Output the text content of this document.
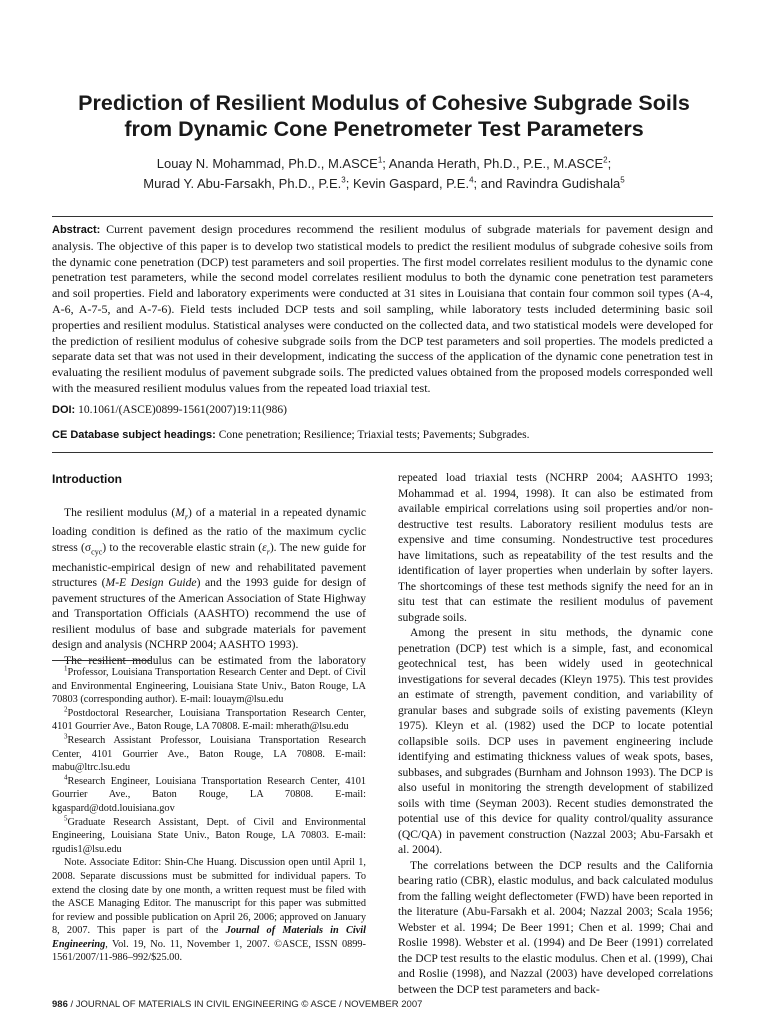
Prediction of Resilient Modulus of Cohesive Subgrade Soils
from Dynamic Cone Penetrometer Test Parameters
Louay N. Mohammad, Ph.D., M.ASCE$^1$; Ananda Herath, Ph.D., P.E., M.ASCE$^2$;
Murad Y. Abu-Farsakh, Ph.D., P.E.$^3$; Kevin Gaspard, P.E.$^4$; and Ravindra Gudishala$^5$
Abstract: Current pavement design procedures recommend the resilient modulus of subgrade materials for pavement design and analysis. The objective of this paper is to develop two statistical models to predict the resilient modulus of subgrade cohesive soils from the dynamic cone penetration (DCP) test parameters and soil properties. The first model correlates resilient modulus to the dynamic cone penetration test parameters, while the second model correlates resilient modulus to both the dynamic cone penetration test parameters and soil properties. Field and laboratory experiments were conducted at 31 sites in Louisiana that contain four common soil types (A-4, A-6, A-7-5, and A-7-6). Field tests included DCP tests and soil sampling, while laboratory tests included determining basic soil properties and resilient modulus. Statistical analyses were conducted on the collected data, and two statistical models were developed for the prediction of resilient modulus of cohesive subgrade soils from the DCP test parameters and soil properties. The models predicted a separate data set that was not used in their development, indicating the success of the application of the dynamic cone penetration test in evaluating the resilient modulus of pavement subgrade soils. The predicted values obtained from the proposed models corresponded well with the measured resilient modulus values from the repeated load triaxial test.
DOI: 10.1061/(ASCE)0899-1561(2007)19:11(986)
CE Database subject headings: Cone penetration; Resilience; Triaxial tests; Pavements; Subgrades.
Introduction

The resilient modulus $(M_r)$ of a material in a repeated dynamic loading condition is defined as the ratio of the maximum cyclic stress $(\sigma_{cyc})$ to the recoverable elastic strain $(\varepsilon_r)$. The new guide for mechanistic-empirical design of new and rehabilitated pavement structures (M-E Design Guide) and the 1993 guide for design of pavement structures of the American Association of State Highway and Transportation Officials (AASHTO) recommend the use of resilient modulus of base and subgrade materials for pavement design and analysis (NCHRP 2004; AASHTO 1993).

The resilient modulus can be estimated from the laboratory

$^1$Professor, Louisiana Transportation Research Center and Dept. of Civil and Environmental Engineering, Louisiana State Univ., Baton Rouge, LA 70803 (corresponding author). E-mail: louaym@lsu.edu

$^2$Postdoctoral Researcher, Louisiana Transportation Research Center, 4101 Gourrier Ave., Baton Rouge, LA 70808. E-mail: mherath@lsu.edu

$^3$Research Assistant Professor, Louisiana Transportation Research Center, 4101 Gourrier Ave., Baton Rouge, LA 70808. E-mail: mabu@ltrc.lsu.edu

$^4$Research Engineer, Louisiana Transportation Research Center, 4101 Gourrier Ave., Baton Rouge, LA 70808. E-mail: kgaspard@dotd.louisiana.gov

$^5$Graduate Research Assistant, Dept. of Civil and Environmental Engineering, Louisiana State Univ., Baton Rouge, LA 70803. E-mail: rgudis1@lsu.edu

Note. Associate Editor: Shin-Che Huang. Discussion open until April 1, 2008. Separate discussions must be submitted for individual papers. To extend the closing date by one month, a written request must be filed with the ASCE Managing Editor. The manuscript for this paper was submitted for review and possible publication on April 26, 2006; approved on January 8, 2007. This paper is part of the Journal of Materials in Civil Engineering, Vol. 19, No. 11, November 1, 2007. ©ASCE, ISSN 0899-1561/2007/11-986–992/$25.00.

repeated load triaxial tests (NCHRP 2004; AASHTO 1993; Mohammad et al. 1994, 1998). It can also be estimated from available empirical correlations using soil properties and/or non-destructive test results. Laboratory resilient modulus tests are expensive and time consuming. Nondestructive test procedures have limitations, such as repeatability of the test results and the identification of layer properties when underlain by softer layers. The shortcomings of these test methods signify the need for an in situ test that can estimate the resilient modulus of pavement subgrade soils.

Among the present in situ methods, the dynamic cone penetration (DCP) test which is a simple, fast, and economical geotechnical test, has been widely used in geotechnical investigations for several decades (Kleyn 1975). This test provides an estimate of strength, pavement condition, and variability of granular bases and subgrade soils of existing pavements (Kleyn 1975). Kleyn et al. (1982) used the DCP to locate potential collapsible soils. DCP uses in pavement engineering include identifying and estimating thickness values of weak spots, bases, subbases, and subgrades (Burnham and Johnson 1993). The DCP is also useful in monitoring the strength development of stabilized soils with time (Seyman 2003). Recent studies demonstrated the potential use of this device for quality control/quality assurance (QC/QA) in pavement construction (Nazzal 2003; Abu-Farsakh et al. 2004).

The correlations between the DCP results and the California bearing ratio (CBR), elastic modulus, and back calculated modulus from the falling weight deflectometer (FWD) have been reported in the literature (Abu-Farsakh et al. 2004; Nazzal 2003; Scala 1956; Webster et al. 1994; De Beer 1991; Chen et al. 1999; Chai and Roslie 1998). Webster et al. (1994) and De Beer (1991) correlated the DCP test results to the elastic modulus. Chen et al. (1999), Chai and Roslie (1998), and Nazzal (2003) have developed correlations between the DCP test parameters and back-

986 / JOURNAL OF MATERIALS IN CIVIL ENGINEERING © ASCE / NOVEMBER 2007
